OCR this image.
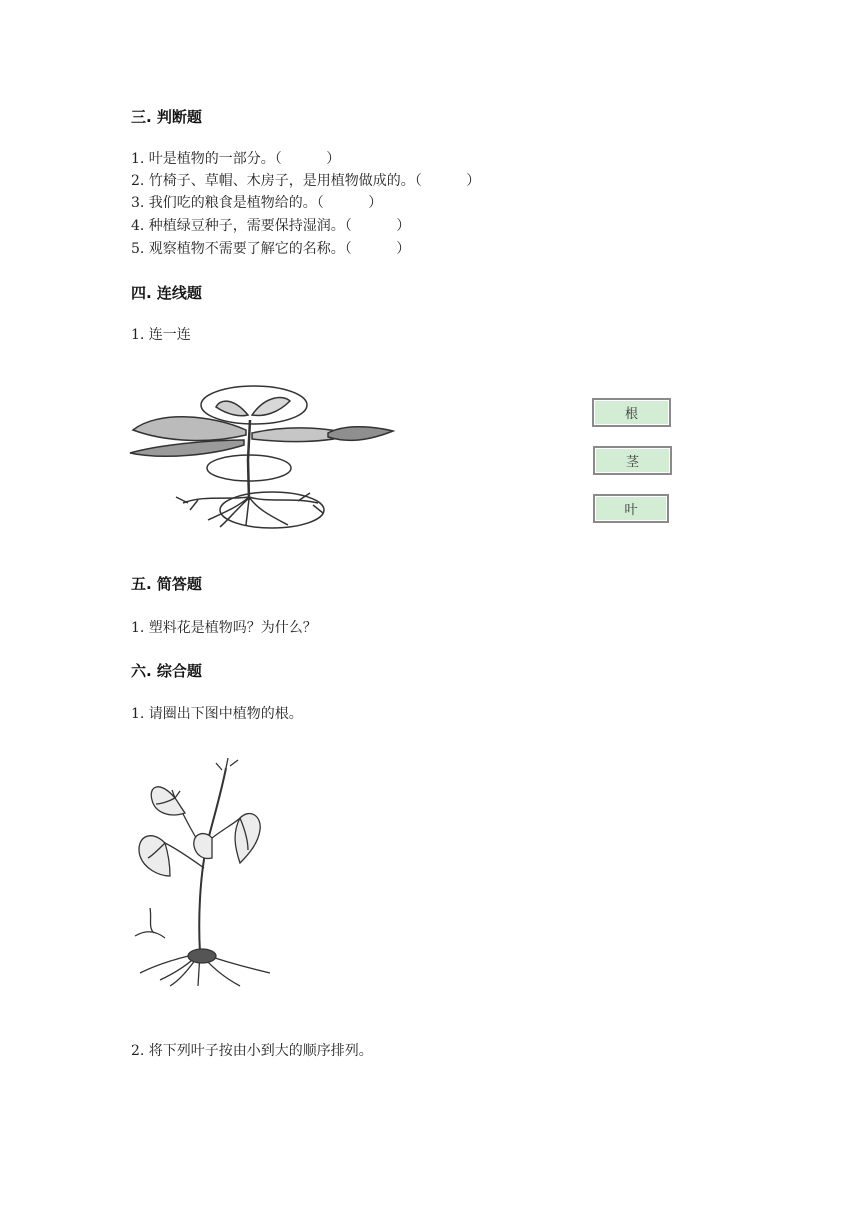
三. 判断题
1. 叶是植物的一部分。（          ）
2. 竹椅子、草帽、木房子，是用植物做成的。（          ）
3. 我们吃的粮食是植物给的。（          ）
4. 种植绿豆种子，需要保持湿润。（          ）
5. 观察植物不需要了解它的名称。（          ）
四. 连线题
1. 连一连
根
茎
叶
五. 简答题
1. 塑料花是植物吗？为什么？
六. 综合题
1. 请圈出下图中植物的根。
2. 将下列叶子按由小到大的顺序排列。
